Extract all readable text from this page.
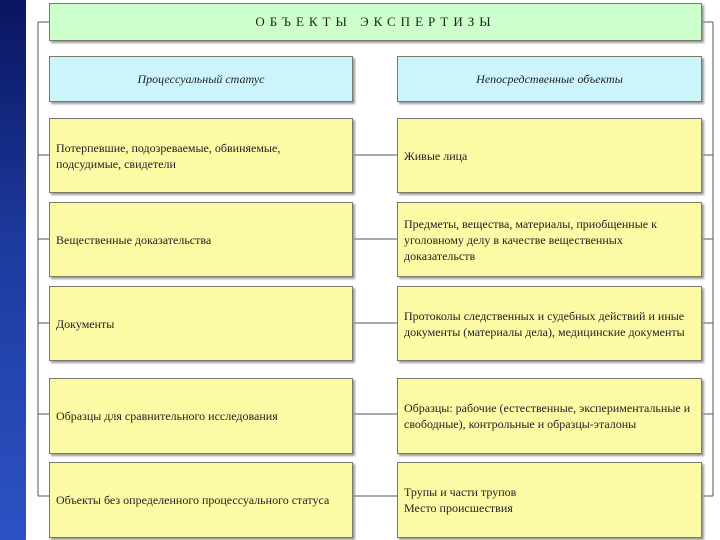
ОБЪЕКТЫ ЭКСПЕРТИЗЫ
Процессуальный статус	Непосредственные объекты
Потерпевшие, подозреваемые, обвиняемые, подсудимые, свидетели
Живые лица
Вещественные доказательства
Предметы, вещества, материалы, приобщенные к уголовному делу в качестве вещественных доказательств
Документы
Протоколы следственных и судебных действий и иные документы (материалы дела), медицинские документы
Образцы для сравнительного исследования
Образцы: рабочие (естественные, экспериментальные и свободные), контрольные и образцы-эталоны
Объекты без определенного процессуального статуса
Трупы и части трупов
Место происшествия
